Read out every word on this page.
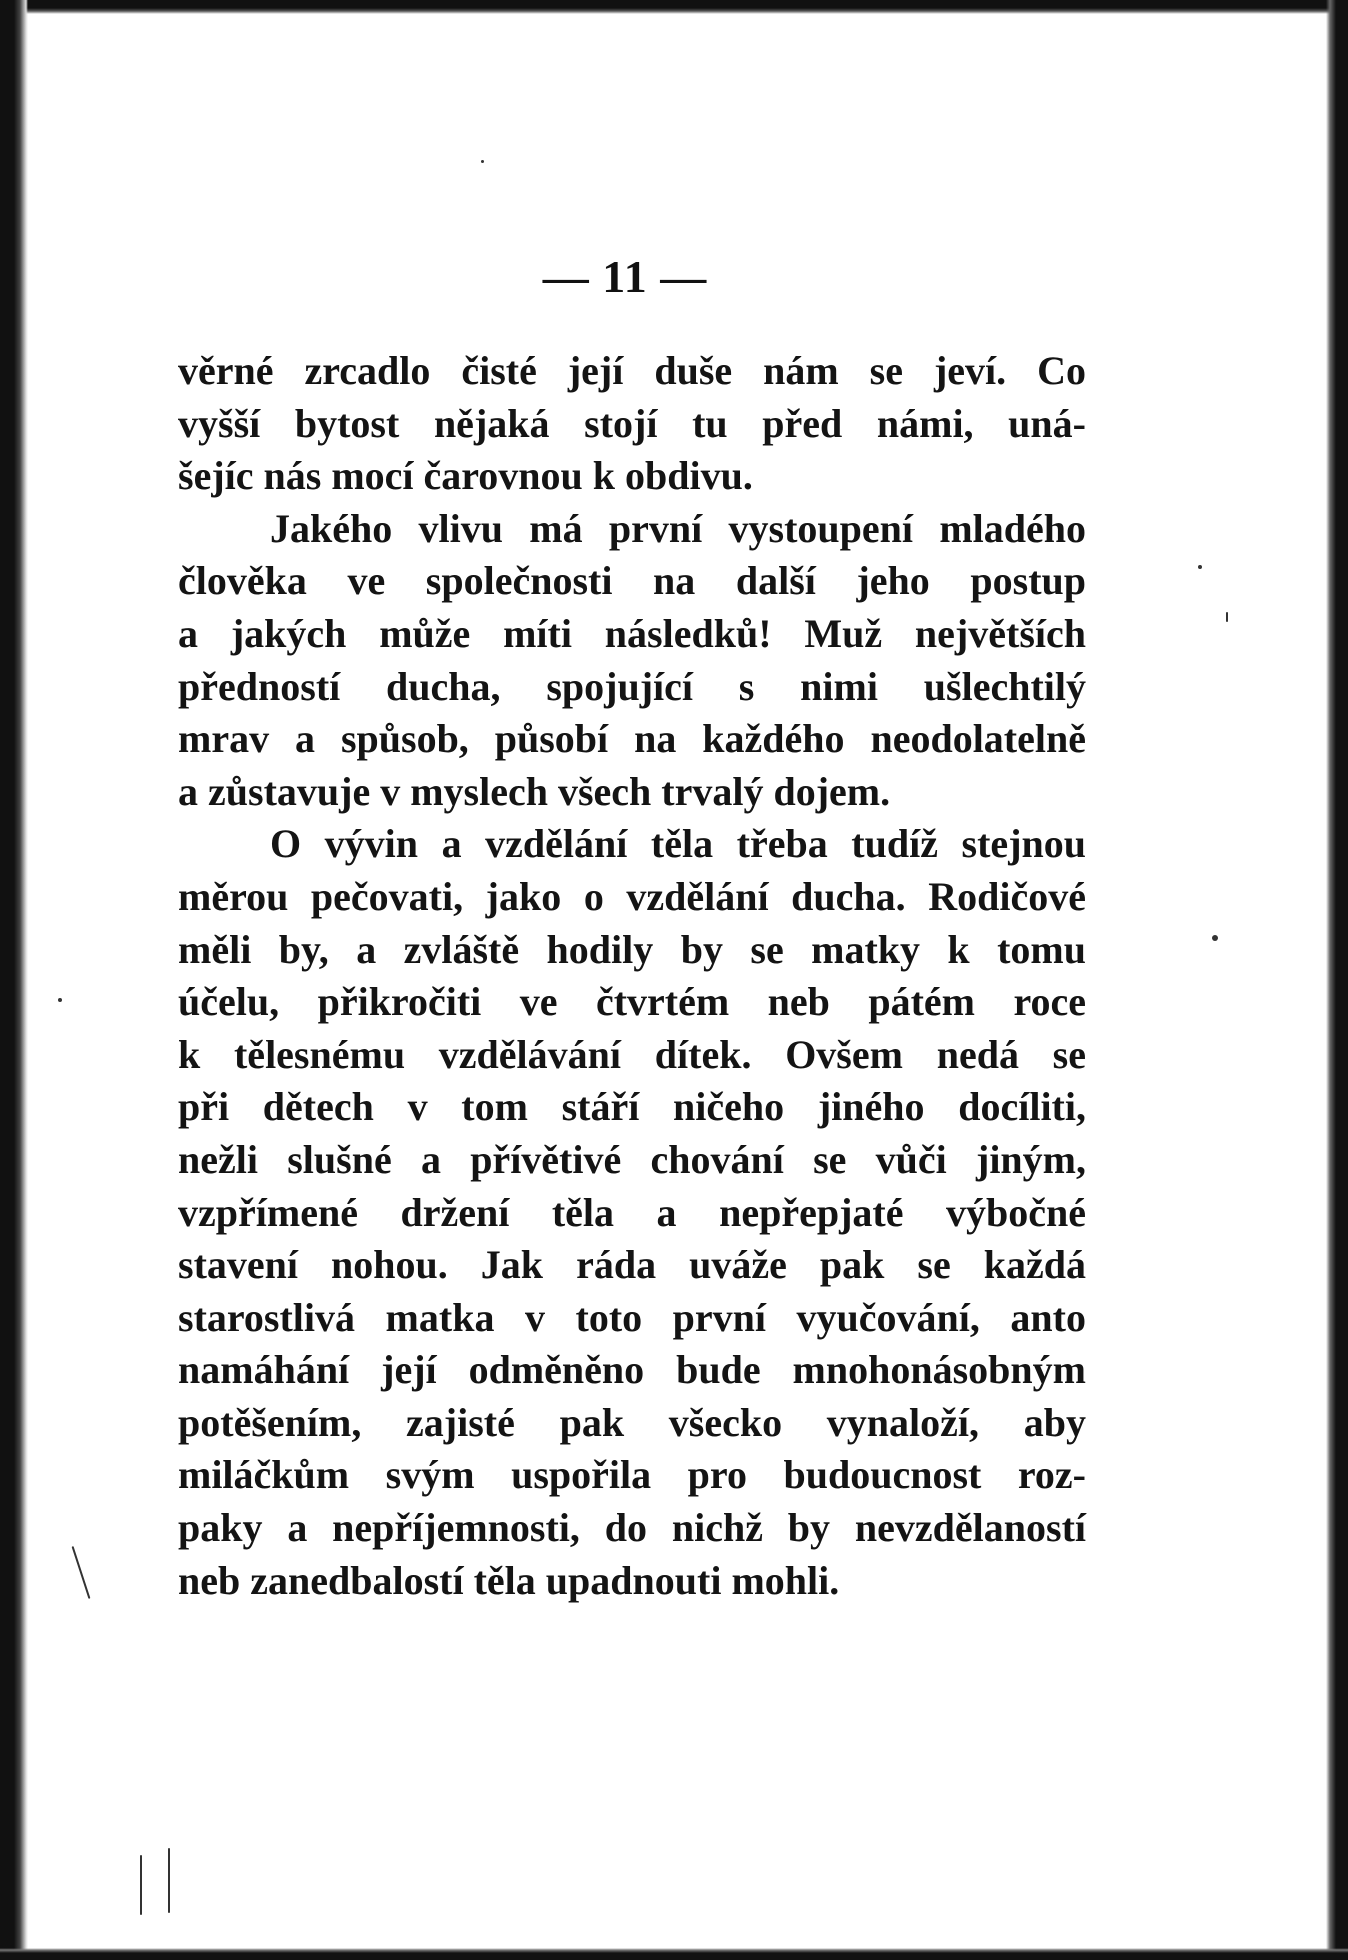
— 11 —
věrné zrcadlo čisté její duše nám se jeví. Co
vyšší bytost nějaká stojí tu před námi, uná-
šejíc nás mocí čarovnou k obdivu.
Jakého vlivu má první vystoupení mladého
člověka ve společnosti na další jeho postup
a jakých může míti následků! Muž největších
předností ducha, spojující s nimi ušlechtilý
mrav a spůsob, působí na každého neodolatelně
a zůstavuje v myslech všech trvalý dojem.
O vývin a vzdělání těla třeba tudíž stejnou
měrou pečovati, jako o vzdělání ducha. Rodičové
měli by, a zvláště hodily by se matky k tomu
účelu, přikročiti ve čtvrtém neb pátém roce
k tělesnému vzdělávání dítek. Ovšem nedá se
při dětech v tom stáří ničeho jiného docíliti,
nežli slušné a přívětivé chování se vůči jiným,
vzpřímené držení těla a nepřepjaté výbočné
stavení nohou. Jak ráda uváže pak se každá
starostlivá matka v toto první vyučování, anto
namáhání její odměněno bude mnohonásobným
potěšením, zajisté pak všecko vynaloží, aby
miláčkům svým uspořila pro budoucnost roz-
paky a nepříjemnosti, do nichž by nevzdělaností
neb zanedbalostí těla upadnouti mohli.
